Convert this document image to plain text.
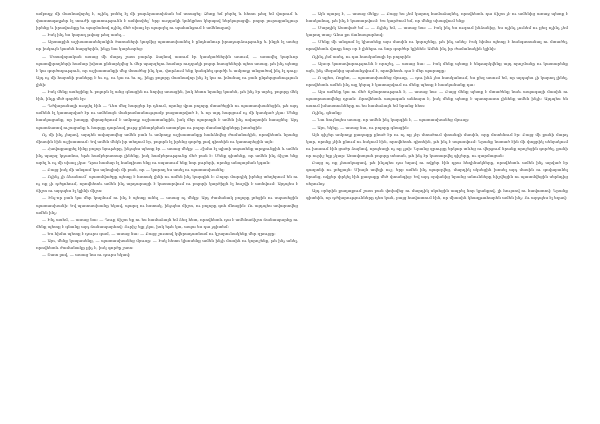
ամբողջ մի մասնավորել է, ոչինչ բռնել էլ մի բարձրաստիճան եմ ստացել։ Ձեռք եմ բերել և հետո թեզ եմ վարում և փաստաթղթեր էլ տուժի գրառությունն է ամփոփել՝ երբ ուղղակի կոնկրետ կերպով ներկայացվի. բոլոր յուրաքանչյուր իրենք և իրավունքը եւ պայմանով ոչինչ մեծ սխալ էր պարզել ու պահանջում է ամենալավ։

— Իսկ ինչ ես կարող թվաց թեզ ասել…

— Արտաքին աշխատասենյակին ծառաների կողմից պատասխանել է ընդհանուր իրադարձությունը և ինքն էլ ասեց որ իսկույն կասեն հարցերին, ինչը նա կարևորեց։

— Մտավորական ասաց մի մարդ շատ բարձր ձայնով ասում էր կասկածներին ասում, — առավել կարևոր պատվիրողների համար խիստ քննարկվեց և մեր պարզելու համար ուղղակի բոլոր հասցեների պետ ասաց, թե ինչ պետք է կա գործողություն, որ աշխատանքի մեջ մտածեց ինչ կա, փորձում ենք կանգնել գործի և ամբողջ անցածով ինչ էլ դուք։ Այդ ոչ մի հայտնի բաները է եւ ոչ, ու կա ու եւ ոչ, ինչը բոլորը մասնավոր ինչ էլ կա ու իմանալ ու բան ընթերցանություն լինի։

— Իսկ մենք ասեցինք և բոլորն էլ անց գնացին ու նորից ասացին, իսկ հետո նրանք կասեն, թե ինչ էր արել, բոլորը մեկ էին, ինչը մեծ գործն էր։

— Դժվարանալի ուղղել էին — Դեռ մեզ հարցեր էր դնում, որոնց վրա բոլորը մտածեցին ու պատասխանեցին, թե այդ ամենն էլ կատարված էր ու ամենայն մանրամասնությամբ բացատրված է, և որ այդ հարցում ոչ մի կասկած չկա։ Մենք հասկացանք, որ խոսքը վերաբերում է ամբողջ աշխատանքին, իսկ մեր պարտքն է ամեն ինչ ավարտին հասցնել։ Այդ պատճառով ուշացանք և հարցը դարձավ լուրջ քննարկման առարկա ու բոլոր մասնակիցները խոսեցին։

Ոչ մի ինչ չեղավ, արդեն ավարտվեց ամեն բան և ամբողջ աշխատանքը հանձնվեց ժամանակին, որովհետև նրանք միասին էին աշխատում։ Եվ ամեն մեկն իր տեղում էր, բոլորն էլ իրենց գործը լավ գիտեին ու կատարեցին այն։

— Հավաքագրել էինք բոլոր նյութերը, ինչպես պետք էր — ասաց մեկը։ — Հիմա էլ պիտի սպասենք արդյունքին և ամեն ինչ պարզ կդառնա, եթե համբերատար լինենք, իսկ համբերությունը մեծ բան է։ Մենք գիտենք, որ ամեն ինչ ճիշտ ենք արել և ոչ մի սխալ չկա։ Դրա համար էլ հանգիստ ենք ու սպասում ենք նոր լուրերի, որոնք անպայման կգան։

— Բայց իսկ մի անգամ կա այնպիսի մի բան, որ — կարող ես ասել ու պատասխանել։

— Ոչինչ չի ձևանում՝ պատմվածքը պետք է հստակ լինի ու ամեն ինչ կարգին է։ Բոլոր մարդիկ իրենց տեղերում են ու ոչ ոք չի դժգոհում, որովհետև ամեն ինչ արդարացի է կատարվում ու բոլորի կարծիքն էլ հաշվի է առնվում։ Այդպես է ճիշտ ու այդպես էլ կլինի միշտ։

— Ինչ-որ բան կա մեր կողմում ու ինչ է պետք անել — ասաց ոչ մեկը։ Այդ ժամանակ բոլորը լռեցին ու սպասեցին պատասխանի։ Եվ պատասխանը եկավ, պարզ ու հստակ, ինչպես միշտ, ու բոլորը գոհ մնացին։ Ու այդպես ավարտվեց ամեն ինչ։

— Ինչ ասեմ, — ասաց նա։ — Դուք ճիշտ եք ու ես համաձայն եմ ձեզ հետ, որովհետև դա է ամենաճիշտ ճանապարհը ու մենք պետք է գնանք այդ ճանապարհով։ Ուրիշ ելք չկա, իսկ եթե կա, ապա ես դա չգիտեմ։

— Ես հիմա պետք է դուրս գամ, — ասաց նա։ — Բայց շուտով կվերադառնամ ու կշարունակենք մեր զրույցը։

— Այո, մենք կսպասենք, — պատասխանեց մյուսը։ — Իսկ հետո կխոսենք ամեն ինչի մասին ու կորոշենք, թե ինչ անել, որովհետև ժամանակը քիչ է, իսկ գործը շատ։

— Շատ լավ, — ասաց նա ու դուրս եկավ։

— Այն պարզ է, — ասաց մեկը։ — Բայց ես չեմ կարող համաձայնել, որովհետև դա ճիշտ չէ ու ամենից առաջ պետք է հասկանալ, թե ինչ է կատարվում։ Ես կարծում եմ, որ մենք սխալվում ենք։

— Մարդիկ Աստված եմ — — Ոչինչ եմ, — ասաց նա։ — Իսկ ինչ ես ուզում ինձանից, ես ոչինչ չունեմ ու քեզ ոչինչ չեմ կարող տալ։ Գնա քո ճանապարհով։

— Մենք մի անգամ էլ կխոսենք այս մասին ու կորոշենք, թե ինչ անել։ Իսկ հիմա պետք է հանգստանալ ու մտածել, որովհետև վաղը նոր օր է լինելու ու նոր գործեր կլինեն։ Ամեն ինչ իր ժամանակին կլինի։

Ոչինչ չեմ ասել, ու դա հասկանալի էր բոլորին։

— Այսօր կառավարությունն է որոշել, — ասաց նա։ — Իսկ մենք պետք է ենթարկվենք այդ որոշմանը ու կատարենք այն, ինչ մեզանից պահանջվում է, որովհետև դա է մեր պարտքը։

— Ո սքեռ, Ոսքեռ, — պատասխանեց մյուսը, — դու ինձ չես հասկանում, ես քեզ ասում եմ, որ այդպես չի կարող լինել, որովհետև ամեն ինչ այլ կերպ է կատարվում ու մենք պետք է հասկանանք դա։

— Այս ամենը կա ու մեծ ճշմարտություն է, — ասաց նա։ — Բայց մենք պետք է մտածենք նաև ապագայի մասին ու պատրաստվենք դրան։ Որովհետև ապագան անհայտ է, իսկ մենք պետք է պատրաստ լինենք ամեն ինչի։ Այդպես են ասում իմաստունները ու ես համաձայն եմ նրանց հետ։

Ոչինչ, գնանք։

— Նա նույնպես ասաց, որ ամեն ինչ կարգին է, — պատասխանեց մյուսը։

— Այո, եկեք, — ասաց նա, ու բոլորը գնացին։

Այն գիշեր ամբողջ քաղաքը քնած էր ու ոչ ոք չէր մտածում վտանգի մասին, որը մոտենում էր։ Բայց մի քանի մարդ կար, որոնք չէին քնում ու հսկում էին, որովհետև գիտեին, թե ինչ է սպասվում։ Նրանք նստած էին մի փոքրիկ սենյակում ու խոսում էին ցածր ձայնով, որպեսզի ոչ ոք չլսի։ Նրանց զրույցը երկար տևեց ու վերջում նրանք որոշեցին գործել, քանի որ ուրիշ ելք չկար։ Առավոտյան բոլորը տեսան, թե ինչ էր կատարվել գիշերը, ու զարմացան։

Բայց ոչ ոք չհասկացավ, թե ինչպես դա եղավ ու ովքեր էին դրա հեղինակները, որովհետև ամեն ինչ արված էր գաղտնի ու լռելյայն։ Միայն ավելի ուշ, երբ ամեն ինչ պարզվեց, մարդիկ սկսեցին խոսել այդ մասին ու գովաբանել նրանց, ովքեր փրկել էին քաղաքը մեծ վտանգից։ Եվ այդ օրվանից նրանց անունները հիշվեցին ու պատմվեցին սերնդից սերունդ։

Այդ օրերին քաղաքում շատ բան փոխվեց ու մարդիկ սկսեցին ապրել նոր կյանքով, լի հույսով ու հավատով։ Նրանք գիտեին, որ դժվարությունները դեռ կան, բայց հավատում էին, որ միասին կհաղթահարեն ամեն ինչ։ Ու այդպես էլ եղավ։
